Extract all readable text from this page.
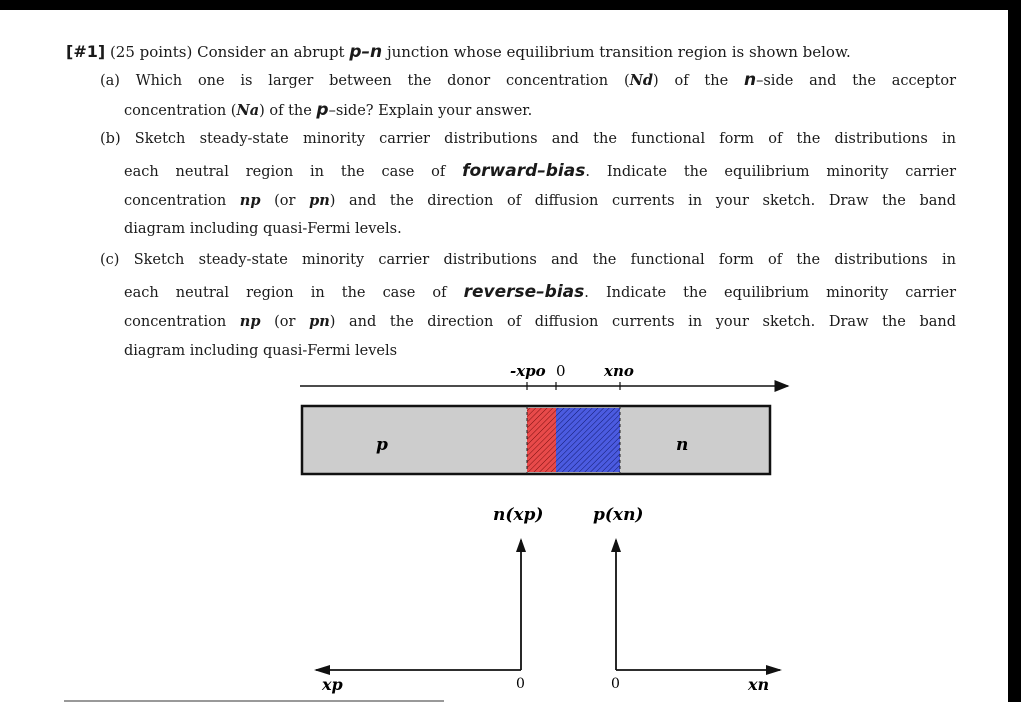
[#1] (25 points) Consider an abrupt p–n junction whose equilibrium transition region is shown below.
(a) Which one is larger between the donor concentration (Nd) of the n–side and the acceptor
concentration (Na) of the p–side? Explain your answer.
(b) Sketch steady-state minority carrier distributions and the functional form of the distributions in
each neutral region in the case of forward–bias. Indicate the equilibrium minority carrier
concentration np (or pn) and the direction of diffusion currents in your sketch. Draw the band
diagram including quasi-Fermi levels.
(c) Sketch steady-state minority carrier distributions and the functional form of the distributions in
each neutral region in the case of reverse–bias. Indicate the equilibrium minority carrier
concentration np (or pn) and the direction of diffusion currents in your sketch. Draw the band
diagram including quasi-Fermi levels
-xpo 0	xno
p	n
n(xp)
0
xp
p(xn)
0	xn
